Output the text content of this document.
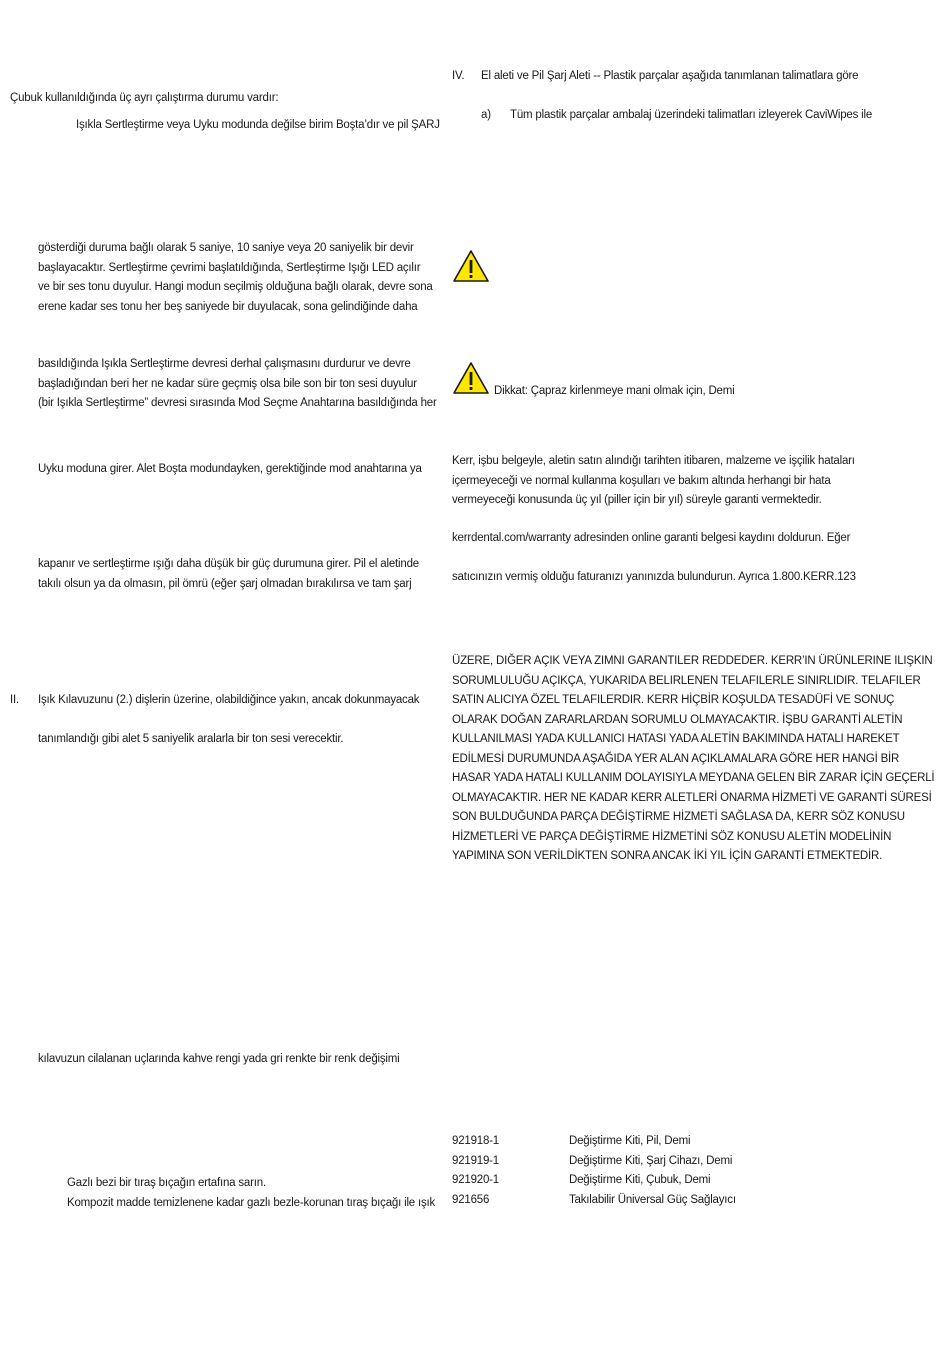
Çubuk kullanıldığında üç ayrı çalıştırma durumu vardır:
Işıkla Sertleştirme veya Uyku modunda değilse birim Boşta’dır ve pil ŞARJ
gösterdiği duruma bağlı olarak 5 saniye, 10 saniye veya 20 saniyelik bir devir
başlayacaktır. Sertleştirme çevrimi başlatıldığında, Sertleştirme Işığı LED açılır
ve bir ses tonu duyulur. Hangi modun seçilmiş olduğuna bağlı olarak, devre sona
erene kadar ses tonu her beş saniyede bir duyulacak, sona gelindiğinde daha
basıldığında Işıkla Sertleştirme devresi derhal çalışmasını durdurur ve devre
başladığından beri her ne kadar süre geçmiş olsa bile son bir ton sesi duyulur
(bir Işıkla Sertleştirme” devresi sırasında Mod Seçme Anahtarına basıldığında her
Uyku moduna girer. Alet Boşta modundayken, gerektiğinde mod anahtarına ya
kapanır ve sertleştirme ışığı daha düşük bir güç durumuna girer. Pil el aletinde
takılı olsun ya da olmasın, pil ömrü (eğer şarj olmadan bırakılırsa ve tam şarj
II. Işık Kılavuzunu (2.) dişlerin üzerine, olabildiğince yakın, ancak dokunmayacak
tanımlandığı gibi alet 5 saniyelik aralarla bir ton sesi verecektir.
kılavuzun cilalanan uçlarında kahve rengi yada gri renkte bir renk değişimi
Gazlı bezi bir tıraş bıçağın ertafına sarın.
Kompozit madde temizlenene kadar gazlı bezle-korunan tıraş bıçağı ile ışık
IV. El aleti ve Pil Şarj Aleti -- Plastik parçalar aşağıda tanımlanan talimatlara göre
a) Tüm plastik parçalar ambalaj üzerindeki talimatları izleyerek CaviWipes ile
Dikkat: Çapraz kirlenmeye mani olmak için, Demi
Kerr, işbu belgeyle, aletin satın alındığı tarihten itibaren, malzeme ve işçilik hataları
içermeyeceği ve normal kullanma koşulları ve bakım altında herhangi bir hata
vermeyeceği konusunda üç yıl (piller için bir yıl) süreyle garanti vermektedir.
kerrdental.com/warranty adresinden online garanti belgesi kaydını doldurun. Eğer
satıcınızın vermiş olduğu faturanızı yanınızda bulundurun. Ayrıca 1.800.KERR.123
ÜZERE, DIĞER AÇIK VEYA ZIMNI GARANTILER REDDEDER. KERR’IN ÜRÜNLERINE ILIŞKIN
SORUMLULUĞU AÇIKÇA, YUKARIDA BELIRLENEN TELAFILERLE SINIRLIDIR. TELAFILER
SATIN ALICIYA ÖZEL TELAFILERDIR. KERR HİÇBİR KOŞULDA TESADÜFİ VE SONUÇ
OLARAK DOĞAN ZARARLARDAN SORUMLU OLMAYACAKTIR. İŞBU GARANTİ ALETİN
KULLANILMASI YADA KULLANICI HATASI YADA ALETİN BAKIMINDA HATALI HAREKET
EDİLMESİ DURUMUNDA AŞAĞIDA YER ALAN AÇIKLAMALARA GÖRE HER HANGİ BİR
HASAR YADA HATALI KULLANIM DOLAYISIYLA MEYDANA GELEN BİR ZARAR İÇİN GEÇERLİ
OLMAYACAKTIR. HER NE KADAR KERR ALETLERİ ONARMA HİZMETİ VE GARANTİ SÜRESİ
SON BULDUĞUNDA PARÇA DEĞİŞTİRME HİZMETİ SAĞLASA DA, KERR SÖZ KONUSU
HİZMETLERİ VE PARÇA DEĞİŞTİRME HİZMETİNİ SÖZ KONUSU ALETİN MODELİNİN
YAPIMINA SON VERİLDİKTEN SONRA ANCAK İKİ YIL İÇİN GARANTİ ETMEKTEDİR.
921918-1	Değiştirme Kiti, Pil, Demi
921919-1	Değiştirme Kiti, Şarj Cihazı, Demi
921920-1	Değiştirme Kiti, Çubuk, Demi
921656	Takılabilir Üniversal Güç Sağlayıcı
